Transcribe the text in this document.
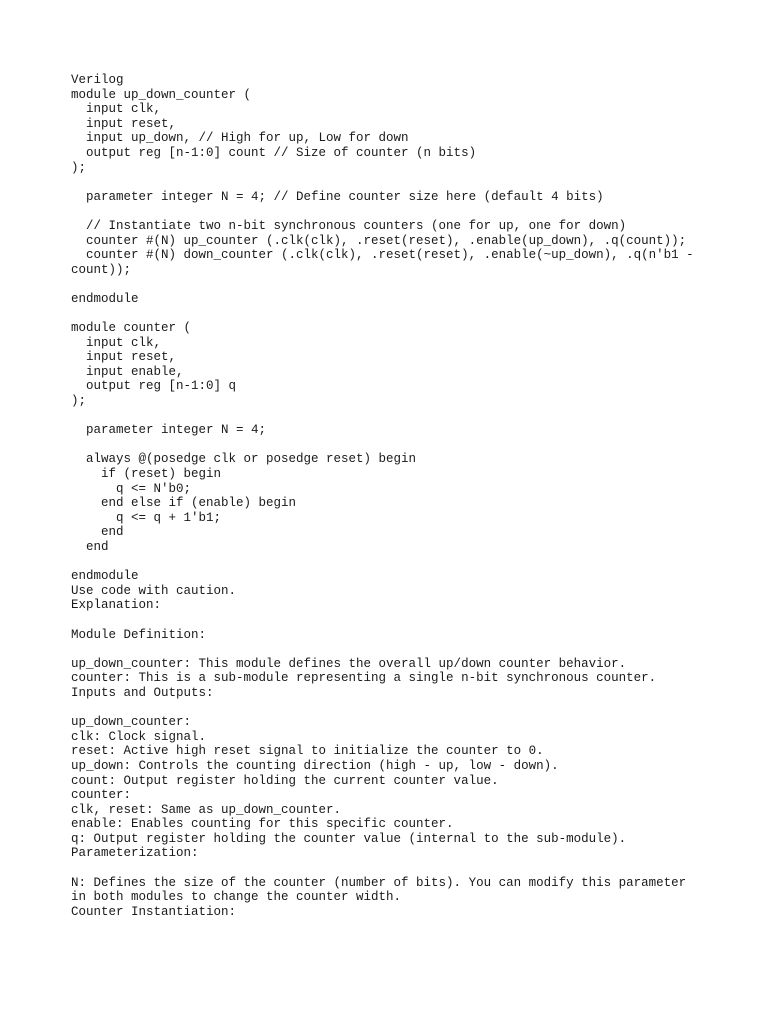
Verilog
module up_down_counter (
input clk,
input reset,
input up_down, // High for up, Low for down
output reg [n-1:0] count // Size of counter (n bits)
);
parameter integer N = 4; // Define counter size here (default 4 bits)
// Instantiate two n-bit synchronous counters (one for up, one for down)
counter #(N) up_counter (.clk(clk), .reset(reset), .enable(up_down), .q(count));
counter #(N) down_counter (.clk(clk), .reset(reset), .enable(~up_down), .q(n'b1 -
count));
endmodule
module counter (
input clk,
input reset,
input enable,
output reg [n-1:0] q
);
parameter integer N = 4;
always @(posedge clk or posedge reset) begin
if (reset) begin
q <= N'b0;
end else if (enable) begin
q <= q + 1'b1;
end
end
endmodule
Use code with caution.
Explanation:
Module Definition:
up_down_counter: This module defines the overall up/down counter behavior.
counter: This is a sub-module representing a single n-bit synchronous counter.
Inputs and Outputs:
up_down_counter:
clk: Clock signal.
reset: Active high reset signal to initialize the counter to 0.
up_down: Controls the counting direction (high - up, low - down).
count: Output register holding the current counter value.
counter:
clk, reset: Same as up_down_counter.
enable: Enables counting for this specific counter.
q: Output register holding the counter value (internal to the sub-module).
Parameterization:
N: Defines the size of the counter (number of bits). You can modify this parameter
in both modules to change the counter width.
Counter Instantiation:
